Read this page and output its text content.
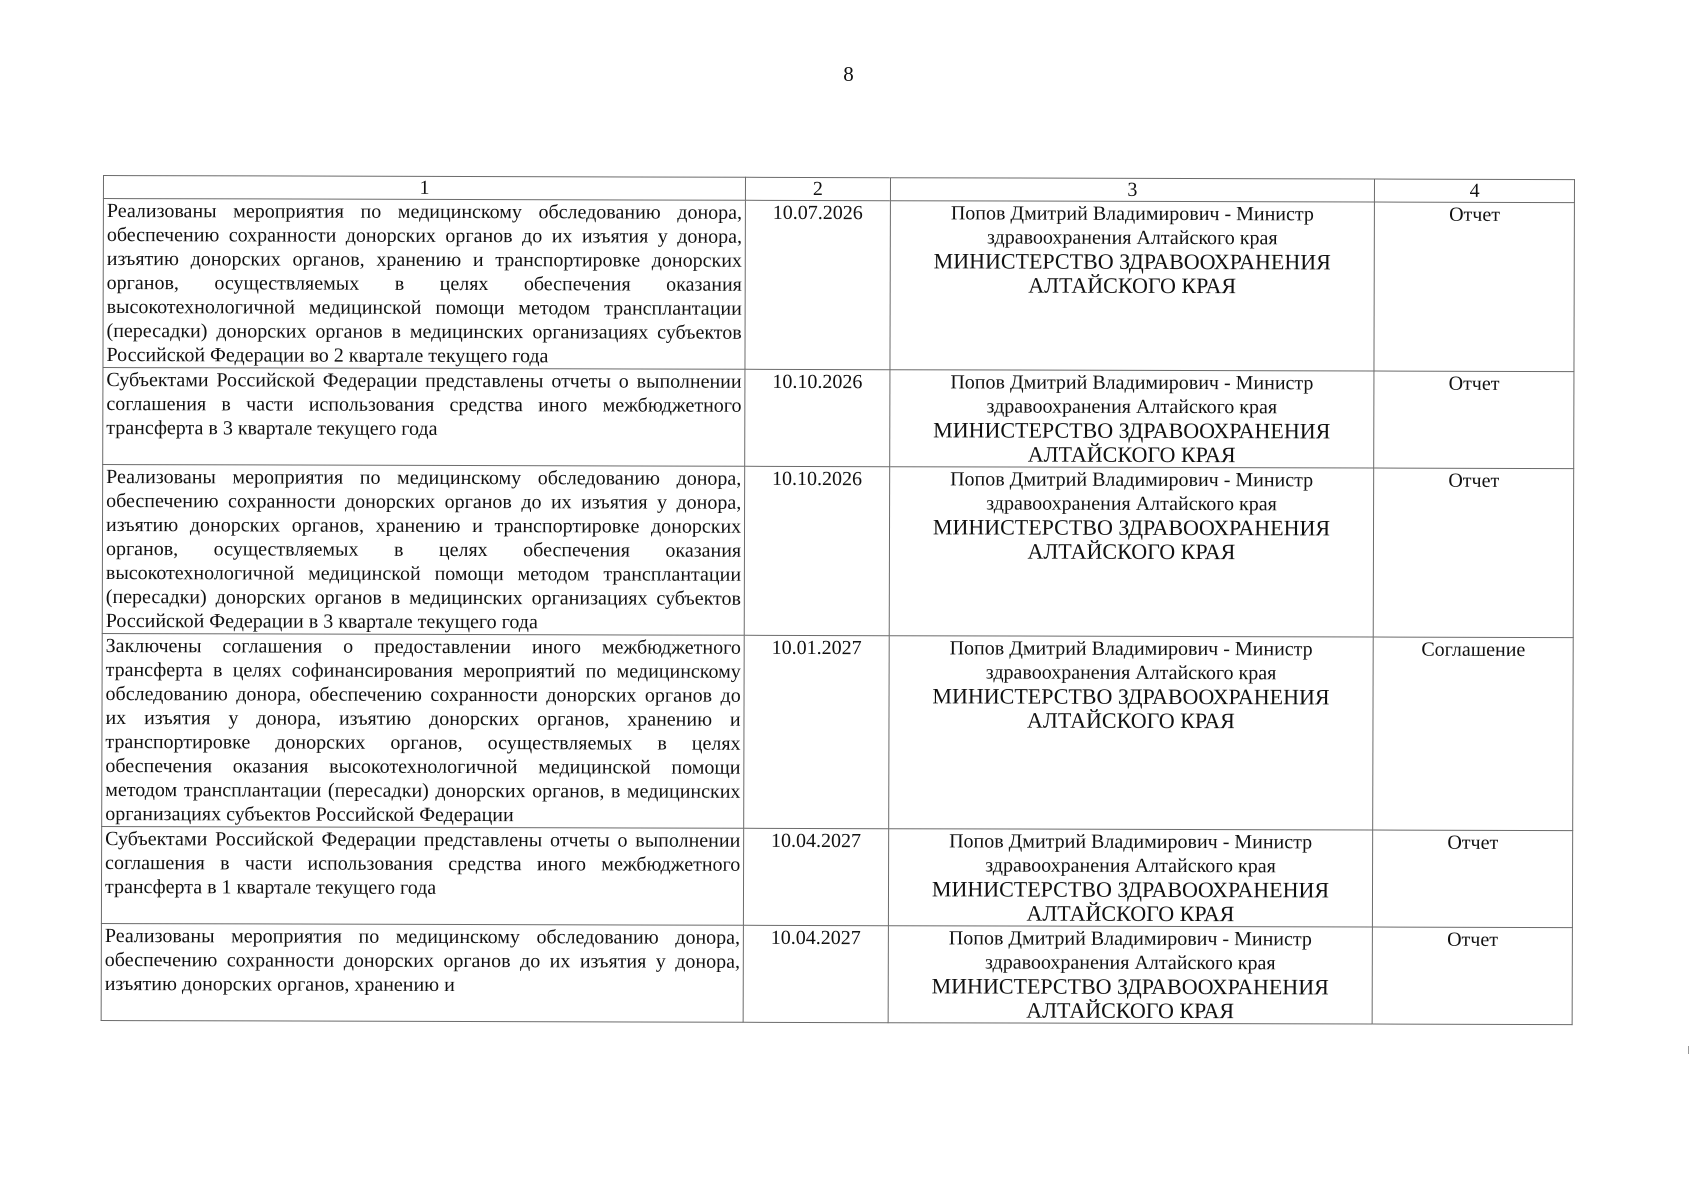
8
1	2	3	4
Реализованы мероприятия по медицинскому обследованию донора, обеспечению сохранности донорских органов до их изъятия у донора, изъятию донорских органов, хранению и транспортировке донорских органов, осуществляемых в целях обеспечения оказания высокотехнологичной медицинской помощи методом трансплантации (пересадки) донорских органов в медицинских организациях субъектов Российской Федерации во 2 квартале текущего года	10.07.2026	Попов Дмитрий Владимирович - Министр здравоохранения Алтайского края
МИНИСТЕРСТВО ЗДРАВООХРАНЕНИЯ АЛТАЙСКОГО КРАЯ	Отчет
Субъектами Российской Федерации представлены отчеты о выполнении соглашения в части использования средства иного межбюджетного трансферта в 3 квартале текущего года	10.10.2026	Попов Дмитрий Владимирович - Министр здравоохранения Алтайского края
МИНИСТЕРСТВО ЗДРАВООХРАНЕНИЯ АЛТАЙСКОГО КРАЯ	Отчет
Реализованы мероприятия по медицинскому обследованию донора, обеспечению сохранности донорских органов до их изъятия у донора, изъятию донорских органов, хранению и транспортировке донорских органов, осуществляемых в целях обеспечения оказания высокотехнологичной медицинской помощи методом трансплантации (пересадки) донорских органов в медицинских организациях субъектов Российской Федерации в 3 квартале текущего года	10.10.2026	Попов Дмитрий Владимирович - Министр здравоохранения Алтайского края
МИНИСТЕРСТВО ЗДРАВООХРАНЕНИЯ АЛТАЙСКОГО КРАЯ	Отчет
Заключены соглашения о предоставлении иного межбюджетного трансферта в целях софинансирования мероприятий по медицинскому обследованию донора, обеспечению сохранности донорских органов до их изъятия у донора, изъятию донорских органов, хранению и транспортировке донорских органов, осуществляемых в целях обеспечения оказания высокотехнологичной медицинской помощи методом трансплантации (пересадки) донорских органов, в медицинских организациях субъектов Российской Федерации	10.01.2027	Попов Дмитрий Владимирович - Министр здравоохранения Алтайского края
МИНИСТЕРСТВО ЗДРАВООХРАНЕНИЯ АЛТАЙСКОГО КРАЯ	Соглашение
Субъектами Российской Федерации представлены отчеты о выполнении соглашения в части использования средства иного межбюджетного трансферта в 1 квартале текущего года	10.04.2027	Попов Дмитрий Владимирович - Министр здравоохранения Алтайского края
МИНИСТЕРСТВО ЗДРАВООХРАНЕНИЯ АЛТАЙСКОГО КРАЯ	Отчет
Реализованы мероприятия по медицинскому обследованию донора, обеспечению сохранности донорских органов до их изъятия у донора, изъятию донорских органов, хранению и	10.04.2027	Попов Дмитрий Владимирович - Министр здравоохранения Алтайского края
МИНИСТЕРСТВО ЗДРАВООХРАНЕНИЯ АЛТАЙСКОГО КРАЯ	Отчет
